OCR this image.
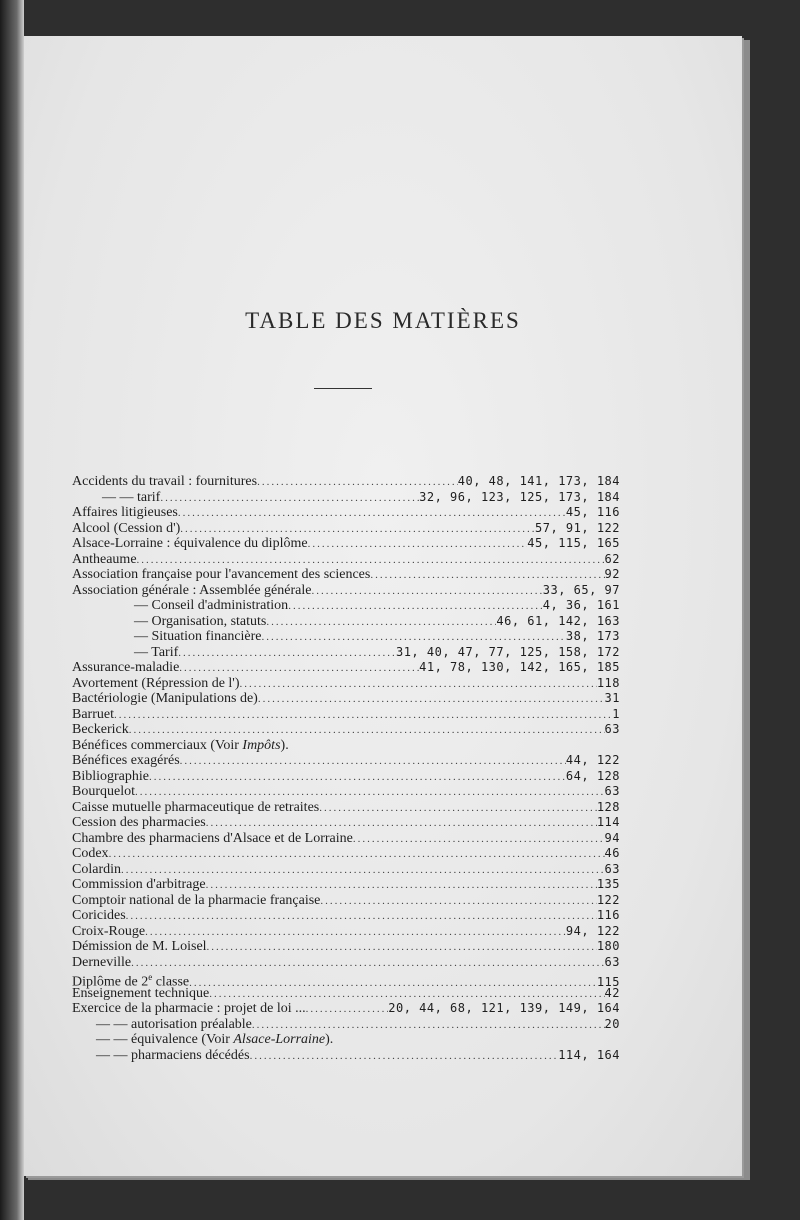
TABLE DES MATIÈRES
Accidents du travail : fournitures .....	40, 48, 141, 173, 184
— — tarif .....	32, 96, 123, 125, 173, 184
Affaires litigieuses .....	45, 116
Alcool (Cession d') .....	57, 91, 122
Alsace-Lorraine : équivalence du diplôme .....	45, 115, 165
Antheaume .....	62
Association française pour l'avancement des sciences .....	92
Association générale : Assemblée générale .....	33, 65, 97
— Conseil d'administration .....	4, 36, 161
— Organisation, statuts .....	46, 61, 142, 163
— Situation financière .....	38, 173
— Tarif .....	31, 40, 47, 77, 125, 158, 172
Assurance-maladie .....	41, 78, 130, 142, 165, 185
Avortement (Répression de l') .....	118
Bactériologie (Manipulations de) .....	31
Barruet .....	1
Beckerick .....	63
Bénéfices commerciaux (Voir Impôts).
Bénéfices exagérés .....	44, 122
Bibliographie .....	64, 128
Bourquelot .....	63
Caisse mutuelle pharmaceutique de retraites .....	128
Cession des pharmacies .....	114
Chambre des pharmaciens d'Alsace et de Lorraine .....	94
Codex .....	46
Colardin .....	63
Commission d'arbitrage .....	135
Comptoir national de la pharmacie française .....	122
Coricides .....	116
Croix-Rouge .....	94, 122
Démission de M. Loisel .....	180
Derneville .....	63
Diplôme de 2e classe .....	115
Enseignement technique .....	42
Exercice de la pharmacie : projet de loi ... .....	20, 44, 68, 121, 139, 149, 164
— — autorisation préalable .....	20
— — équivalence (Voir Alsace-Lorraine).
— — pharmaciens décédés .....	114, 164
